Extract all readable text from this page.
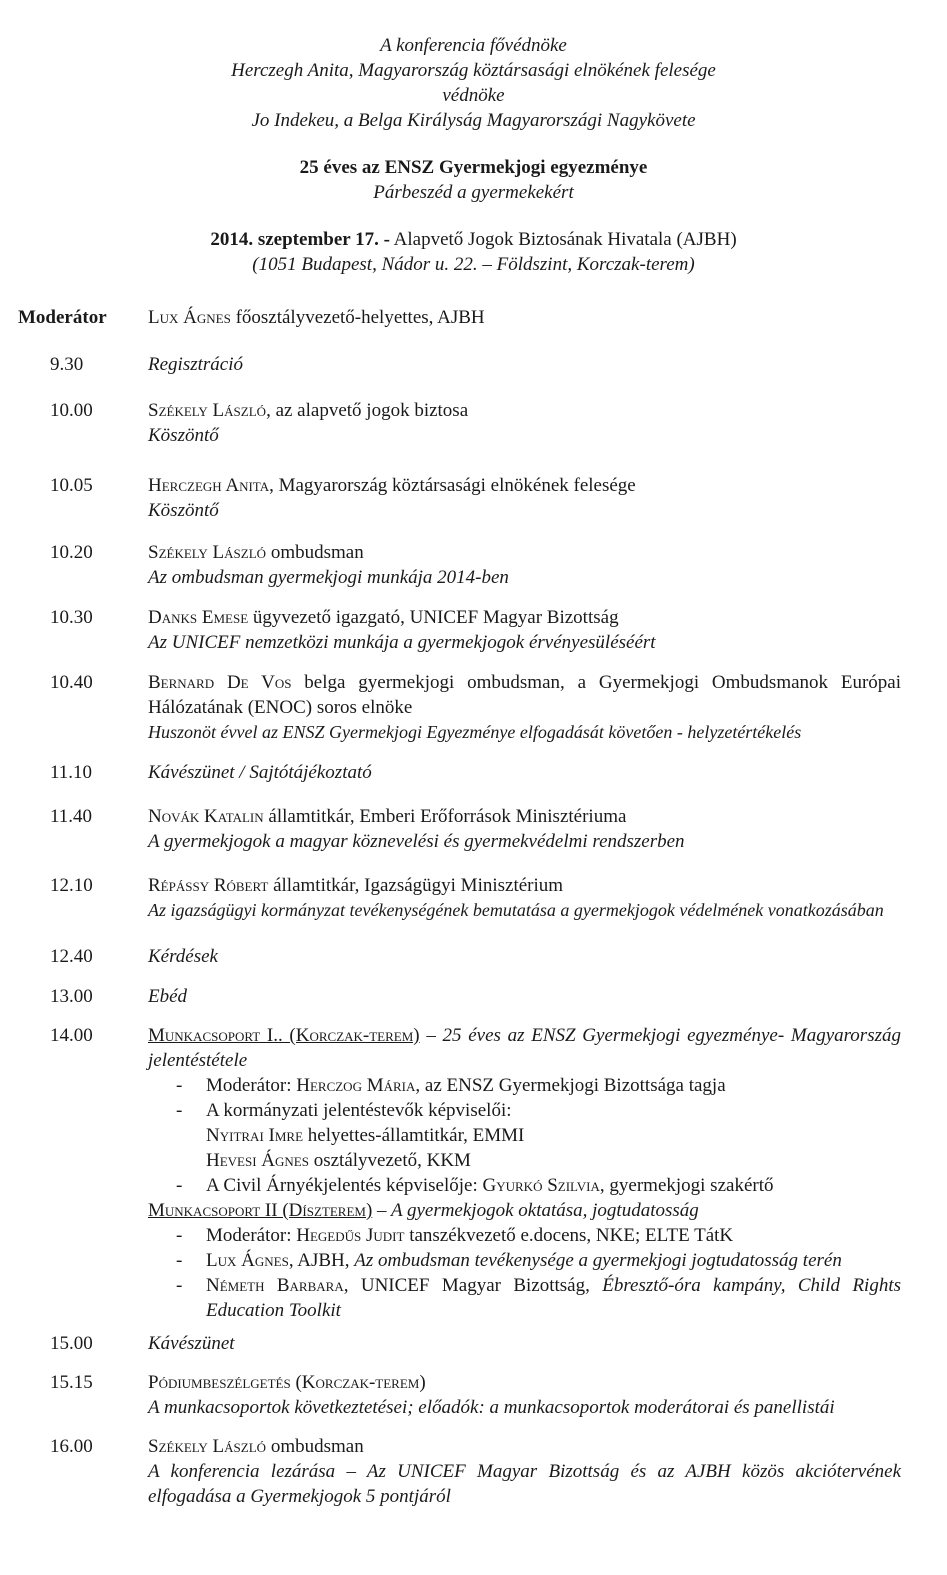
A konferencia fővédnöke
Herczegh Anita, Magyarország köztársasági elnökének felesége
védnöke
Jo Indekeu, a Belga Királyság Magyarországi Nagykövete
25 éves az ENSZ Gyermekjogi egyezménye
Párbeszéd a gyermekekért
2014. szeptember 17. - Alapvető Jogok Biztosának Hivatala (AJBH)
(1051 Budapest, Nádor u. 22. – Földszint, Korczak-terem)
Moderátor Lux Ágnes főosztályvezető-helyettes, AJBH
9.30	Regisztráció
10.00	Székely László, az alapvető jogok biztosa
Köszöntő
10.05	Herczegh Anita, Magyarország köztársasági elnökének felesége
Köszöntő
10.20	Székely László ombudsman
Az ombudsman gyermekjogi munkája 2014-ben
10.30	Danks Emese ügyvezető igazgató, UNICEF Magyar Bizottság
Az UNICEF nemzetközi munkája a gyermekjogok érvényesüléséért
10.40	Bernard De Vos belga gyermekjogi ombudsman, a Gyermekjogi Ombudsmanok Európai Hálózatának (ENOC) soros elnöke
Huszonöt évvel az ENSZ Gyermekjogi Egyezménye elfogadását követően - helyzetértékelés
11.10	Kávészünet / Sajtótájékoztató
11.40	Novák Katalin államtitkár, Emberi Erőforrások Minisztériuma
A gyermekjogok a magyar köznevelési és gyermekvédelmi rendszerben
12.10	Répássy Róbert államtitkár, Igazságügyi Minisztérium
Az igazságügyi kormányzat tevékenységének bemutatása a gyermekjogok védelmének vonatkozásában
12.40	Kérdések
13.00	Ebéd
14.00	Munkacsoport I.. (Korczak-terem) – 25 éves az ENSZ Gyermekjogi egyezménye- Magyarország jelentéstétele
- Moderátor: Herczog Mária, az ENSZ Gyermekjogi Bizottsága tagja
- A kormányzati jelentéstevők képviselői:
Nyitrai Imre helyettes-államtitkár, EMMI
Hevesi Ágnes osztályvezető, KKM
- A Civil Árnyékjelentés képviselője: Gyurkó Szilvia, gyermekjogi szakértő
Munkacsoport II (Díszterem) – A gyermekjogok oktatása, jogtudatosság
- Moderátor: Hegedűs Judit tanszékvezető e.docens, NKE; ELTE TátK
- Lux Ágnes, AJBH, Az ombudsman tevékenysége a gyermekjogi jogtudatosság terén
- Németh Barbara, UNICEF Magyar Bizottság, Ébresztő-óra kampány, Child Rights Education Toolkit
15.00	Kávészünet
15.15	Pódiumbeszélgetés (Korczak-terem)
A munkacsoportok következtetései; előadók: a munkacsoportok moderátorai és panellistái
16.00	Székely László ombudsman
A konferencia lezárása – Az UNICEF Magyar Bizottság és az AJBH közös akciótervének elfogadása a Gyermekjogok 5 pontjáról
